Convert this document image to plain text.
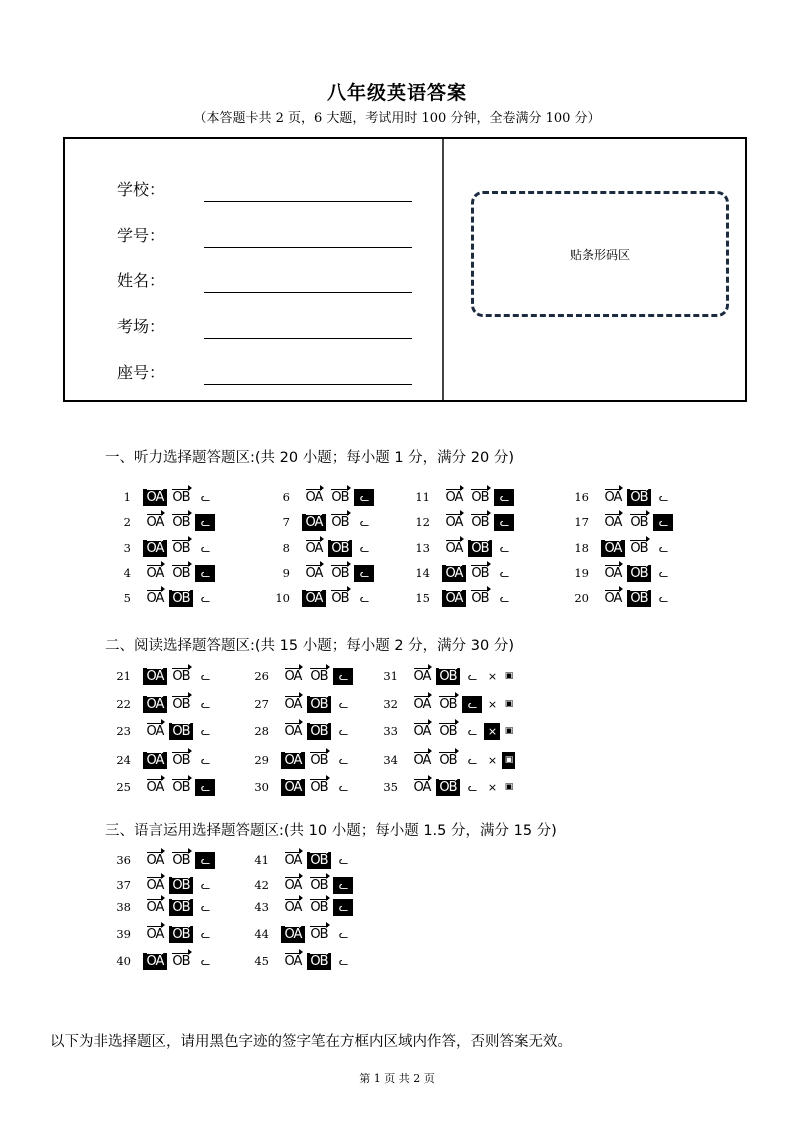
八年级英语答案
（本答题卡共 2 页，6 大题，考试用时 100 分钟，全卷满分 100 分）
学校：
学号：
姓名：
考场：
座号：
贴条形码区
一、听力选择题答题区:(共 20 小题；每小题 1 分，满分 20 分)
1 OA OB	ᓚ
2 OA OB	ᓚ
3 OA OB	ᓚ
4 OA OB	ᓚ
5 OA OB	ᓚ
6 OA OB	ᓚ
7 OA OB	ᓚ
8 OA OB	ᓚ
9 OA OB	ᓚ
10 OA OB	ᓚ
11 OA OB	ᓚ
12 OA OB	ᓚ
13 OA OB	ᓚ
14 OA OB	ᓚ
15 OA OB	ᓚ
16 OA OB	ᓚ
17 OA OB	ᓚ
18 OA OB	ᓚ
19 OA OB	ᓚ
20 OA OB	ᓚ
二、阅读选择题答题区:(共 15 小题；每小题 2 分，满分 30 分)
21 OA OB	ᓚ
22 OA OB	ᓚ
23 OA OB	ᓚ
24 OA OB	ᓚ
25 OA OB	ᓚ
26 OA OB	ᓚ
27 OA OB	ᓚ
28 OA OB	ᓚ
29 OA OB	ᓚ
30 OA OB	ᓚ
31 OA OB	ᓚ	⨯ ▣
32 OA OB	ᓚ	⨯ ▣
33 OA OB	ᓚ	⨯ ▣
34 OA OB	ᓚ	⨯ ▣
35 OA OB	ᓚ	⨯ ▣
三、语言运用选择题答题区:(共 10 小题；每小题 1.5 分，满分 15 分)
36 OA OB	ᓚ
37 OA OB	ᓚ
38 OA OB	ᓚ
39 OA OB	ᓚ
40 OA OB	ᓚ
41 OA OB	ᓚ
42 OA OB	ᓚ
43 OA OB	ᓚ
44 OA OB	ᓚ
45 OA OB	ᓚ
以下为非选择题区，请用黑色字迹的签字笔在方框内区域内作答，否则答案无效。
第 1 页 共 2 页
